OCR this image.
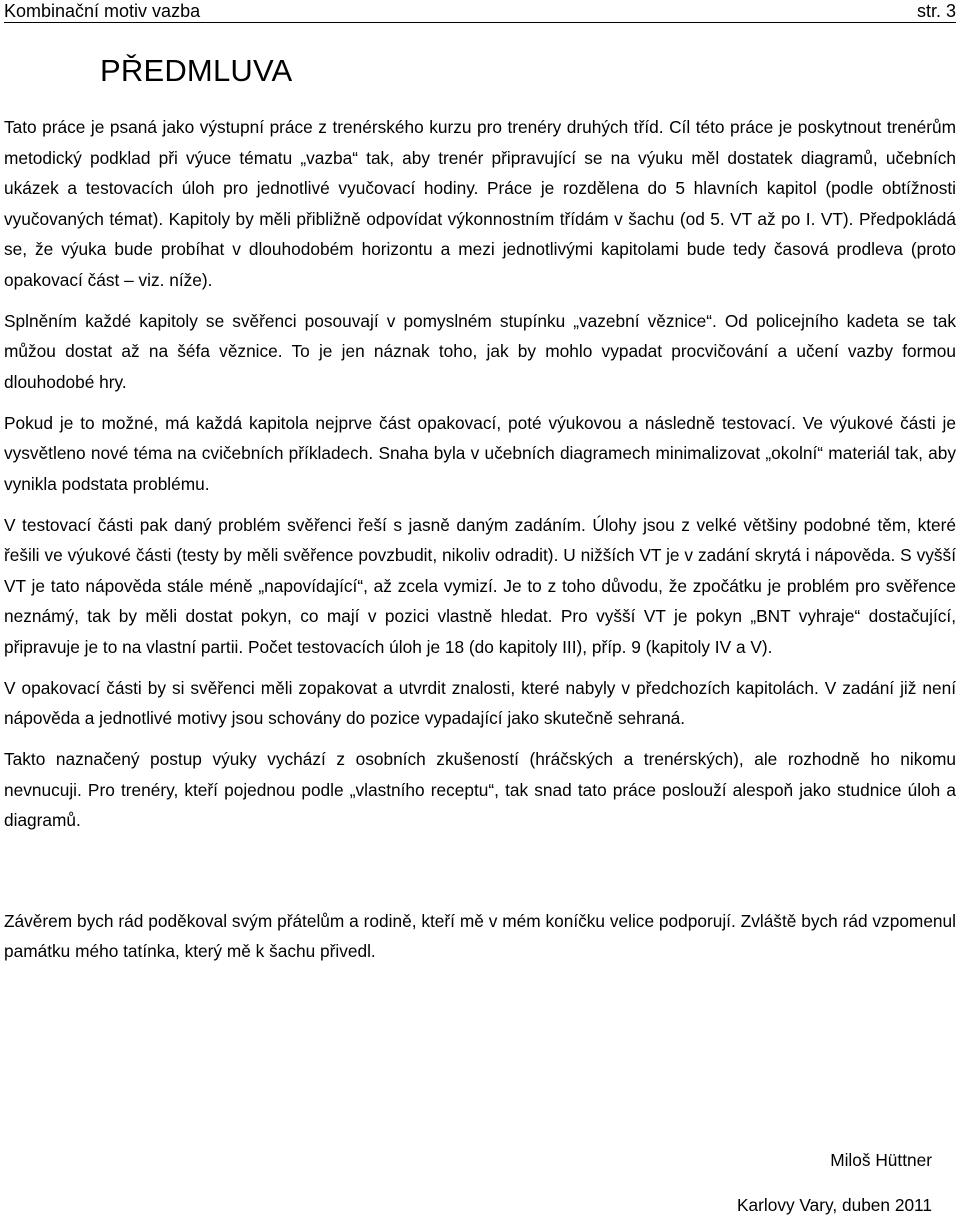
Kombinační motiv vazba	str. 3
PŘEDMLUVA

Tato práce je psaná jako výstupní práce z trenérského kurzu pro trenéry druhých tříd. Cíl této práce je poskytnout trenérům metodický podklad při výuce tématu „vazba“ tak, aby trenér připravující se na výuku měl dostatek diagramů, učebních ukázek a testovacích úloh pro jednotlivé vyučovací hodiny. Práce je rozdělena do 5 hlavních kapitol (podle obtížnosti vyučovaných témat). Kapitoly by měli přibližně odpovídat výkonnostním třídám v šachu (od 5. VT až po I. VT). Předpokládá se, že výuka bude probíhat v dlouhodobém horizontu a mezi jednotlivými kapitolami bude tedy časová prodleva (proto opakovací část – viz. níže).

Splněním každé kapitoly se svěřenci posouvají v pomyslném stupínku „vazební věznice“. Od policejního kadeta se tak můžou dostat až na šéfa věznice. To je jen náznak toho, jak by mohlo vypadat procvičování a učení vazby formou dlouhodobé hry.

Pokud je to možné, má každá kapitola nejprve část opakovací, poté výukovou a následně testovací. Ve výukové části je vysvětleno nové téma na cvičebních příkladech. Snaha byla v učebních diagramech minimalizovat „okolní“ materiál tak, aby vynikla podstata problému.

V testovací části pak daný problém svěřenci řeší s jasně daným zadáním. Úlohy jsou z velké většiny podobné těm, které řešili ve výukové části (testy by měli svěřence povzbudit, nikoliv odradit). U nižších VT je v zadání skrytá i nápověda. S vyšší VT je tato nápověda stále méně „napovídající“, až zcela vymizí. Je to z toho důvodu, že zpočátku je problém pro svěřence neznámý, tak by měli dostat pokyn, co mají v pozici vlastně hledat. Pro vyšší VT je pokyn „BNT vyhraje“ dostačující, připravuje je to na vlastní partii. Počet testovacích úloh je 18 (do kapitoly III), příp. 9 (kapitoly IV a V).

V opakovací části by si svěřenci měli zopakovat a utvrdit znalosti, které nabyly v předchozích kapitolách. V zadání již není nápověda a jednotlivé motivy jsou schovány do pozice vypadající jako skutečně sehraná.

Takto naznačený postup výuky vychází z osobních zkušeností (hráčských a trenérských), ale rozhodně ho nikomu nevnucuji. Pro trenéry, kteří pojednou podle „vlastního receptu“, tak snad tato práce poslouží alespoň jako studnice úloh a diagramů.

Závěrem bych rád poděkoval svým přátelům a rodině, kteří mě v mém koníčku velice podporují. Zvláště bych rád vzpomenul památku mého tatínka, který mě k šachu přivedl.

Miloš Hüttner
Karlovy Vary, duben 2011
